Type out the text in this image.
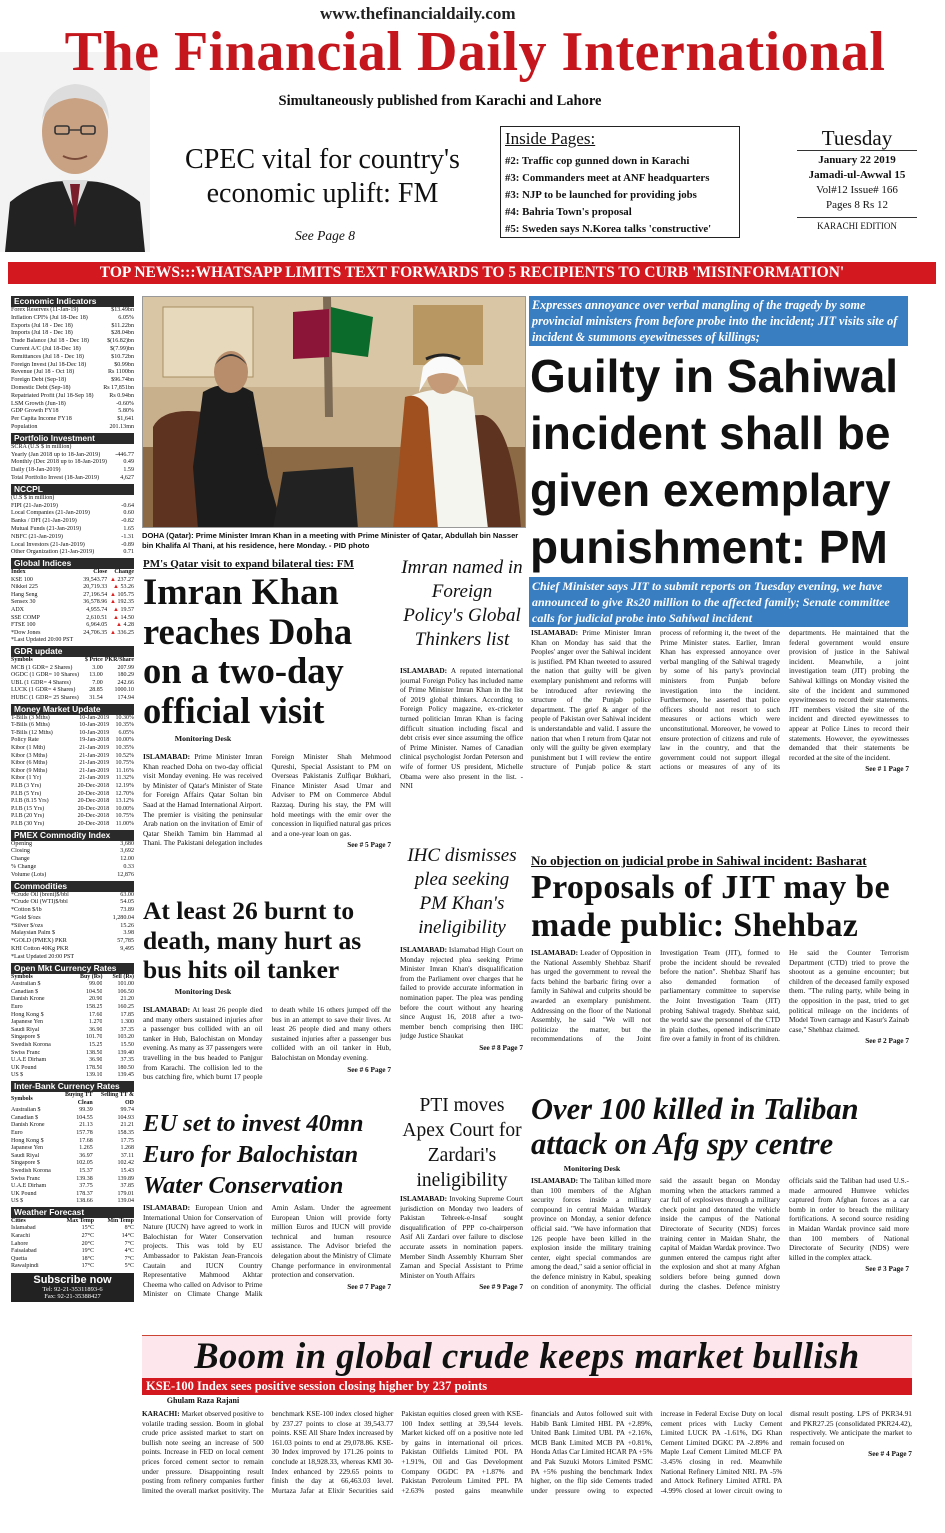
www.thefinancialdaily.com
The Financial Daily International
Simultaneously published from Karachi and Lahore
CPEC vital for country's economic uplift: FM
See Page 8
Inside Pages:
#2: Traffic cop gunned down in Karachi
#3: Commanders meet at ANF headquarters
#3: NJP to be launched for providing jobs
#4: Bahria Town's proposal
#5: Sweden says N.Korea talks 'constructive'
Tuesday
January 22 2019
Jamadi-ul-Awwal 15
Vol#12 Issue# 166
Pages 8 Rs 12
KARACHI EDITION
TOP NEWS:::WHATSAPP LIMITS TEXT FORWARDS TO 5 RECIPIENTS TO CURB 'MISINFORMATION'
Economic Indicators
Forex Reserves (11-Jan-19)	$13.49bn
Inflation CPI% (Jul 18-Dec 18)	6.05%
Exports (Jul 18 - Dec 18)	$11.22bn
Imports (Jul 18 - Dec 18)	$28.04bn
Trade Balance (Jul 18 - Dec 18)	$(16.82)bn
Current A/C (Jul 18-Dec 18)	$(7.99)bn
Remittances (Jul 18 - Dec 18)	$10.72bn
Foreign Invest (Jul 18-Dec 18)	$0.99bn
Revenue (Jul 18 - Oct 18)	Rs 1100bn
Foreign Debt (Sep-18)	$96.74bn
Domestic Debt (Sep-18)	Rs 17,851bn
Repatriated Profit (Jul 18-Sep 18)	Rs 0.94bn
LSM Growth (Jun-18)	-0.60%
GDP Growth FY18	5.80%
Per Capita Income FY18	$1,641
Population	201.13mn
Portfolio Investment
SCRA (U.S $ in million)
Yearly (Jan 2018 up to 18-Jan-2019) -446.77
Monthly (Dec 2018 up to 18-Jan-2019)	0.49
Daily (18-Jan-2019)	1.59
Total Portfolio Invest (18-Jan-2019)	4,627
NCCPL
(U.S $ in million)
FIPI (21-Jan-2019)	-0.64
Local Companies (21-Jan-2019)	0.60
Banks / DFI (21-Jan-2019)	-0.82
Mutual Funds (21-Jan-2019)	1.65
NBFC (21-Jan-2019)	-1.31
Local Investors (21-Jan-2019)	-0.89
Other Organization (21-Jan-2019)	0.71
Global Indices
Index	Close	Change
KSE 100	39,543.77	▲ 237.27
Nikkei 225	20,719.33	▲ 53.26
Hang Seng	27,196.54	▲ 105.75
Sensex 30	36,578.96	▲ 192.35
ADX	4,955.74	▲ 19.57
SSE COMP	2,610.51	▲ 14.50
FTSE 100	6,964.05	▲ 4.28
*Dow Jones	24,706.35	▲ 336.25
*Last Updated 20:00 PST		
GDR update
Symbols	$ Price	PKR/Share
MCB (1 GDR= 2 Shares)	3.00	207.99
OGDC (1 GDR= 10 Shares)	13.00	180.29
UBL (1 GDR= 4 Shares)	7.00	242.66
LUCK (1 GDR= 4 Shares)	28.85	1000.10
HUBC (1 GDR= 25 Shares)	31.54	174.94
Money Market Update
T-Bills (3 Mths)	10-Jan-2019	10.30%
T-Bills (6 Mths)	10-Jan-2019	10.35%
T-Bills (12 Mths)	10-Jan-2019	6.05%
Policy Rate	19-Jan-2018	10.00%
Kibor (1 Mth)	21-Jan-2019	10.35%
Kibor (3 Mths)	21-Jan-2019	10.52%
Kibor (6 Mths)	21-Jan-2019	10.75%
Kibor (9 Mths)	21-Jan-2019	11.16%
Kibor (1 Yr)	21-Jan-2019	11.32%
P.I.B (3 Yrs)	20-Dec-2018	12.19%
P.I.B (5 Yrs)	20-Dec-2018	12.70%
P.I.B (8.15 Yrs)	20-Dec-2018	13.12%
P.I.B (15 Yrs)	20-Dec-2018	10.00%
P.I.B (20 Yrs)	20-Dec-2018	10.75%
P.I.B (30 Yrs)	20-Dec-2018	11.00%
PMEX Commodity Index
Opening	3,680
Closing	3,692
Change	12.00
% Change	0.33
Volume (Lots)	12,876
Commodities
*Crude Oil (brent)$/bbl	63.00
*Crude Oil (WTI)$/bbl	54.05
*Cotton $/lb	73.89
*Gold $/ozs	1,280.04
*Silver $/ozs	15.26
Malaysian Palm $	3.98
*GOLD (PMEX) PKR	57,785
KHI Cotton 40Kg PKR	9,495
*Last Updated 20:00 PST
Open Mkt Currency Rates
Symbols	Buy (Rs)	Sell (Rs)
Australian $	99.00	101.00
Canadian $	104.50	106.50
Danish Krone	20.90	21.20
Euro	158.25	160.25
Hong Kong $	17.60	17.85
Japanese Yen	1.270	1.300
Saudi Riyal	36.90	37.35
Singapore $	101.70	103.20
Swedish Korona	15.25	15.50
Swiss Franc	138.50	139.40
U.A.E Dirham	36.90	37.35
UK Pound	178.50	180.50
US $	139.10	139.45
Inter-Bank Currency Rates
Symbols	Buying TT Clean	Selling TT & OD
Australian $	99.39	99.74
Canadian $	104.55	104.93
Danish Krone	21.13	21.21
Euro	157.78	158.35
Hong Kong $	17.68	17.75
Japanese Yen	1.265	1.268
Saudi Riyal	36.97	37.11
Singapore $	102.05	102.42
Swedish Korona	15.37	15.43
Swiss Franc	139.38	139.89
U.A.E Dirham	37.75	37.85
UK Pound	178.37	179.01
US $	138.66	139.04
Weather Forecast
Cities	Max Temp	Min Temp
Islamabad	15°C	8°C
Karachi	27°C	14°C
Lahore	20°C	7°C
Faisalabad	19°C	4°C
Quetta	18°C	7°C
Rawalpindi	17°C	5°C
Subscribe now
Tel: 92-21-35311893-6
Fax: 92-21-35388427
DOHA (Qatar): Prime Minister Imran Khan in a meeting with Prime Minister of Qatar, Abdullah bin Nasser bin Khalifa Al Thani, at his residence, here Monday. - PID photo
PM's Qatar visit to expand bilateral ties: FM
Imran Khan reaches Doha on a two-day official visit
Monitoring Desk
ISLAMABAD: Prime Minister Imran Khan reached Doha on two-day official visit Monday evening. He was received by Minister of Qatar's Minister of State for Foreign Affairs Qatar Soltan bin Saad at the Hamad International Airport. The premier is visiting the peninsular Arab nation on the invitation of Emir of Qatar Sheikh Tamim bin Hammad al Thani. The Pakistani delegation includes Foreign Minister Shah Mehmood Qureshi, Special Assistant to PM on Overseas Pakistanis Zulfiqar Bukhari, Finance Minister Asad Umar and Adviser to PM on Commerce Abdul Razzaq. During his stay, the PM will hold meetings with the emir over the concession in liquified natural gas prices and a one-year loan on gas.
See # 5 Page 7
At least 26 burnt to death, many hurt as bus hits oil tanker
Monitoring Desk
ISLAMABAD: At least 26 people died and many others sustained injuries after a passenger bus collided with an oil tanker in Hub, Balochistan on Monday evening. As many as 37 passengers were travelling in the bus headed to Panjgur from Karachi. The collision led to the bus catching fire, which burnt 17 people to death while 16 others jumped off the bus in an attempt to save their lives. At least 26 people died and many others sustained injuries after a passenger bus collided with an oil tanker in Hub, Balochistan on Monday evening.
See # 6 Page 7
EU set to invest 40mn Euro for Balochistan Water Conservation
ISLAMABAD: European Union and International Union for Conservation of Nature (IUCN) have agreed to work in Balochistan for Water Conservation projects. This was told by EU Ambassador to Pakistan Jean-Francois Cautain and IUCN Country Representative Mahmood Akhtar Cheema who called on Advisor to Prime Minister on Climate Change Malik Amin Aslam. Under the agreement European Union will provide forty million Euros and IUCN will provide technical and human resource assistance. The Advisor briefed the delegation about the Ministry of Climate Change performance in environmental protection and conservation.
See # 7 Page 7
Imran named in Foreign Policy's Global Thinkers list
ISLAMABAD: A reputed international journal Foreign Policy has included name of Prime Minister Imran Khan in the list of 2019 global thinkers. According to Foreign Policy magazine, ex-cricketer turned politician Imran Khan is facing difficult situation including fiscal and debt crisis ever since assuming the office of Prime Minister. Names of Canadian clinical psychologist Jordan Peterson and wife of former US president, Michelle Obama were also present in the list. - NNI
IHC dismisses plea seeking PM Khan's ineligibility
ISLAMABAD: Islamabad High Court on Monday rejected plea seeking Prime Minister Imran Khan's disqualification from the Parliament over charges that he failed to provide accurate information in nomination paper. The plea was pending before the court without any hearing since August 16, 2018 after a two-member bench comprising then IHC judge Justice Shaukat
See # 8 Page 7
PTI moves Apex Court for Zardari's ineligibility
ISLAMABAD: Invoking Supreme Court jurisdiction on Monday two leaders of Pakistan Tehreek-e-Insaf sought disqualification of PPP co-chairperson Asif Ali Zardari over failure to disclose accurate assets in nomination papers. Member Sindh Assembly Khurram Sher Zaman and Special Assistant to Prime Minister on Youth Affairs
See # 9 Page 7
Expresses annoyance over verbal mangling of the tragedy by some provincial ministers from before probe into the incident; JIT visits site of incident & summons eyewitnesses of killings;
Guilty in Sahiwal incident shall be given exemplary punishment: PM
Chief Minister says JIT to submit reports on Tuesday evening, we have announced to give Rs20 million to the affected family; Senate committee calls for judicial probe into Sahiwal incident
ISLAMABAD: Prime Minister Imran Khan on Monday has said that the Peoples' anger over the Sahiwal incident is justified. PM Khan tweeted to assured the nation that guilty will be given exemplary punishment and reforms will be introduced after reviewing the structure of the Punjab police department. The grief & anger of the people of Pakistan over Sahiwal incident is understandable and valid. I assure the nation that when I return from Qatar not only will the guilty be given exemplary punishment but I will review the entire structure of Punjab police & start process of reforming it, the tweet of the Prime Minister states. Earlier, Imran Khan has expressed annoyance over verbal mangling of the Sahiwal tragedy by some of his party's provincial ministers from Punjab before investigation into the incident. Furthermore, he asserted that police officers should not resort to such measures or actions which were unconstitutional. Moreover, he vowed to ensure protection of citizens and rule of law in the country, and that the government could not support illegal actions or measures of any of its departments. He maintained that the federal government would ensure provision of justice in the Sahiwal incident. Meanwhile, a joint investigation team (JIT) probing the Sahiwal killings on Monday visited the site of the incident and summoned eyewitnesses to record their statements. JIT members visited the site of the incident and directed eyewitnesses to appear at Police Lines to record their statements. However, the eyewitnesses demanded that their statements be recorded at the site of the incident.
See # 1 Page 7
No objection on judicial probe in Sahiwal incident: Basharat
Proposals of JIT may be made public: Shehbaz
ISLAMABAD: Leader of Opposition in the National Assembly Shehbaz Sharif has urged the government to reveal the facts behind the barbaric firing over a family in Sahiwal and culprits should be awarded an exemplary punishment. Addressing on the floor of the National Assembly, he said "We will not politicize the matter, but the recommendations of the Joint Investigation Team (JIT), formed to probe the incident should be revealed before the nation". Shehbaz Sharif has also demanded formation of parliamentary committee to supervise the Joint Investigation Team (JIT) probing Sahiwal tragedy. Shehbaz said, the world saw the personnel of the CTD in plain clothes, opened indiscriminate fire over a family in front of its children. He said the Counter Terrorism Department (CTD) tried to prove the shootout as a genuine encounter; but children of the deceased family exposed them. "The ruling party, while being in the opposition in the past, tried to get political mileage on the incidents of Model Town carnage and Kasur's Zainab case," Shehbaz claimed.
See # 2 Page 7
Over 100 killed in Taliban attack on Afg spy centre
Monitoring Desk
ISLAMABAD: The Taliban killed more than 100 members of the Afghan security forces inside a military compound in central Maidan Wardak province on Monday, a senior defence official said. "We have information that 126 people have been killed in the explosion inside the military training center, eight special commandos are among the dead," said a senior official in the defence ministry in Kabul, speaking on condition of anonymity. The official said the assault began on Monday morning when the attackers rammed a car full of explosives through a military check point and detonated the vehicle inside the campus of the National Directorate of Security (NDS) forces training center in Maidan Shahr, the capital of Maidan Wardak province. Two gunmen entered the campus right after the explosion and shot at many Afghan soldiers before being gunned down during the clashes. Defence ministry officials said the Taliban had used U.S.-made armoured Humvee vehicles captured from Afghan forces as a car bomb in order to breach the military fortifications. A second source residing in Maidan Wardak province said more than 100 members of National Directorate of Security (NDS) were killed in the complex attack.
See # 3 Page 7
Boom in global crude keeps market bullish
KSE-100 Index sees positive session closing higher by 237 points
Ghulam Raza Rajani
KARACHI: Market observed positive to volatile trading session. Boom in global crude price assisted market to start on bullish note seeing an increase of 500 points. Increase in FED on local cement prices forced cement sector to remain under pressure. Disappointing result posting from refinery companies further limited the overall market positivity. The benchmark KSE-100 index closed higher by 237.27 points to close at 39,543.77 points. KSE All Share Index increased by 161.03 points to end at 29,078.86. KSE-30 Index improved by 171.26 points to conclude at 18,928.33, whereas KMI 30-Index enhanced by 229.65 points to finish the day at 66,463.03 level. Murtaza Jafar at Elixir Securities said Pakistan equities closed green with KSE-100 Index settling at 39,544 levels. Market kicked off on a positive note led by gains in international oil prices. Pakistan Oilfields Limited POL PA +1.91%, Oil and Gas Development Company OGDC PA +1.87% and Pakistan Petroleum Limited PPL PA +2.63% posted gains meanwhile financials and Autos followed suit with Habib Bank Limited HBL PA +2.89%, United Bank Limited UBL PA +2.16%, MCB Bank Limited MCB PA +0.81%, Honda Atlas Car Limited HCAR PA +5% and Pak Suzuki Motors Limited PSMC PA +5% pushing the benchmark Index higher, on the flip side Cements traded under pressure owing to expected increase in Federal Excise Duty on local cement prices with Lucky Cement Limited LUCK PA -1.61%, DG Khan Cement Limited DGKC PA -2.89% and Maple Leaf Cement Limited MLCF PA -3.45% closing in red. Meanwhile National Refinery Limited NRL PA -5% and Attock Refinery Limited ATRL PA -4.99% closed at lower circuit owing to dismal result posting. LPS of PKR34.91 and PKR27.25 (consolidated PKR24.42), respectively. We anticipate the market to remain focused on
See # 4 Page 7
